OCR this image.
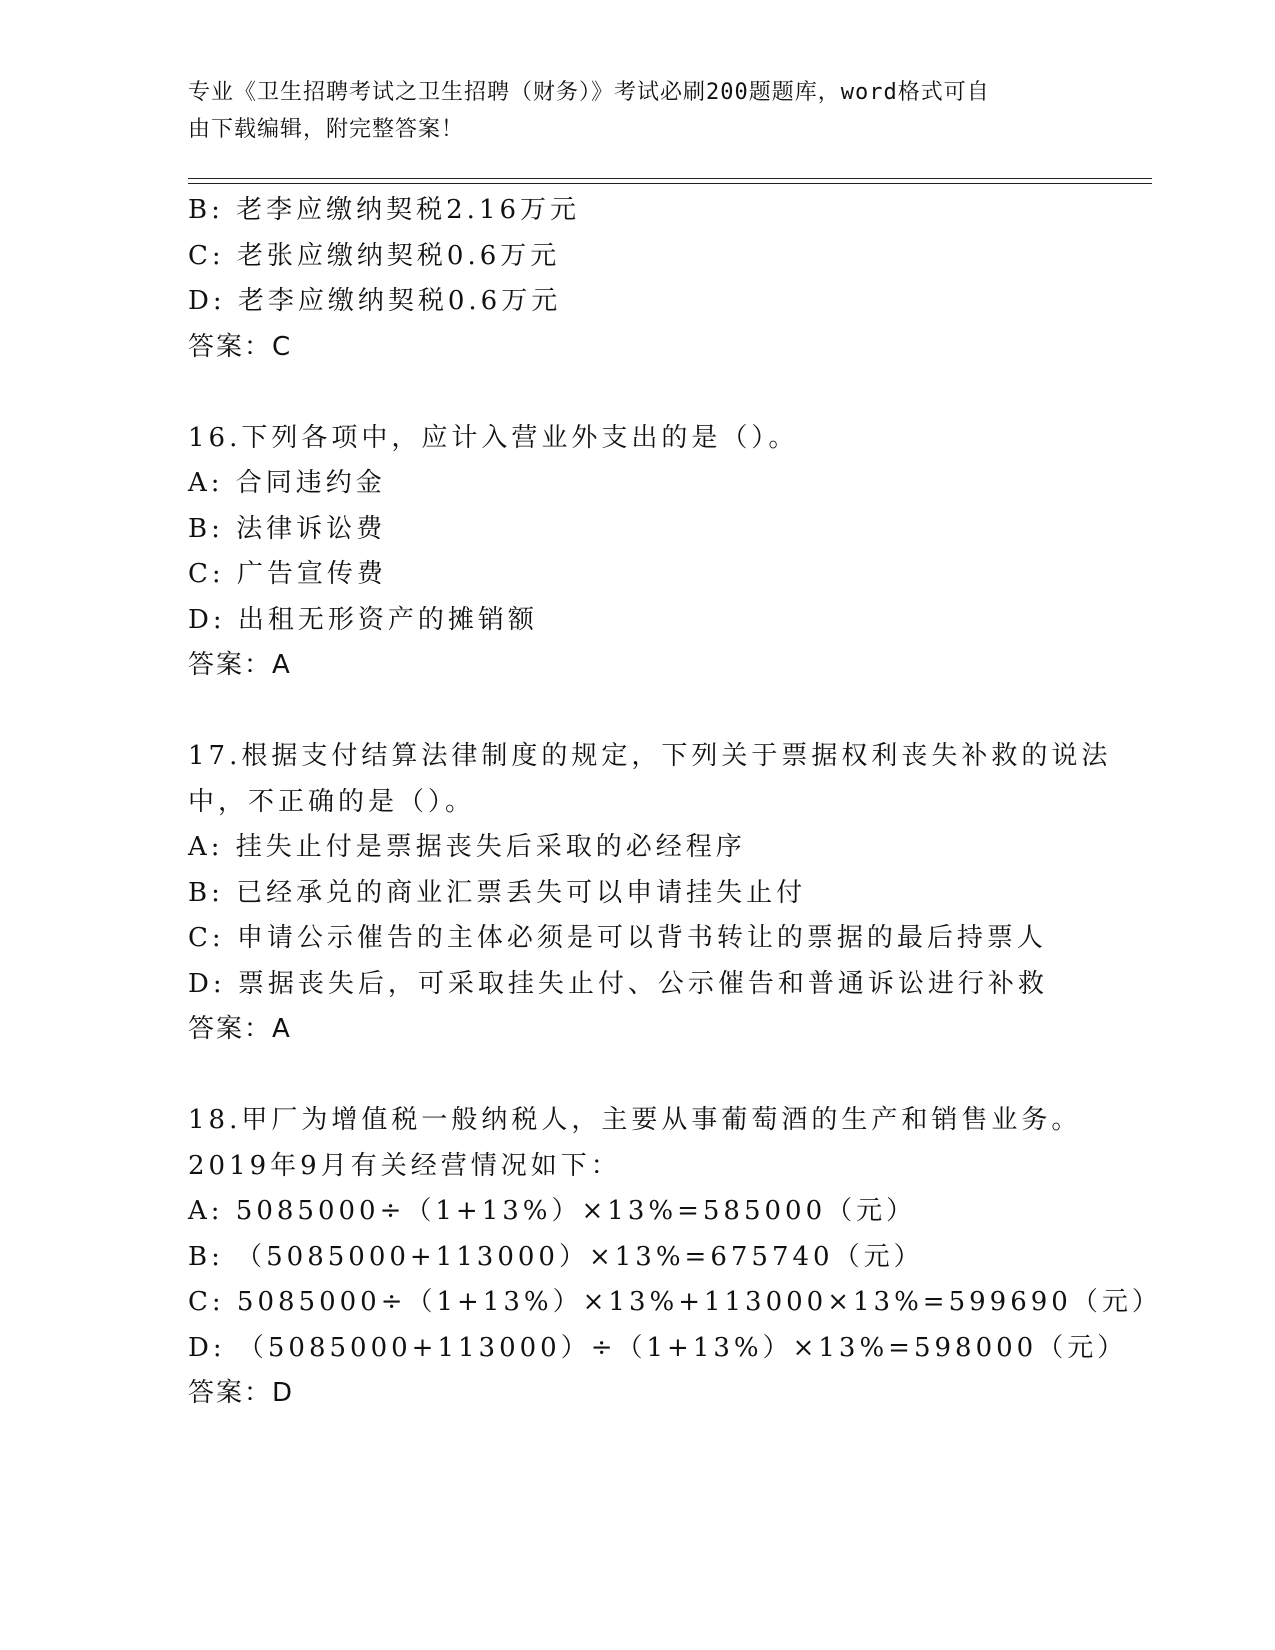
专业《卫生招聘考试之卫生招聘（财务）》考试必刷200题题库，word格式可自
由下载编辑，附完整答案！
B: 老李应缴纳契税2.16万元
C: 老张应缴纳契税0.6万元
D: 老李应缴纳契税0.6万元
答案：C
16.下列各项中，应计入营业外支出的是（）。
A: 合同违约金
B: 法律诉讼费
C: 广告宣传费
D: 出租无形资产的摊销额
答案：A
17.根据支付结算法律制度的规定，下列关于票据权利丧失补救的说法
中，不正确的是（）。
A: 挂失止付是票据丧失后采取的必经程序
B: 已经承兑的商业汇票丢失可以申请挂失止付
C: 申请公示催告的主体必须是可以背书转让的票据的最后持票人
D: 票据丧失后，可采取挂失止付、公示催告和普通诉讼进行补救
答案：A
18.甲厂为增值税一般纳税人，主要从事葡萄酒的生产和销售业务。
2019年9月有关经营情况如下：
A: 5085000÷（1+13%）×13%=585000（元）
B: （5085000+113000）×13%=675740（元）
C: 5085000÷（1+13%）×13%+113000×13%=599690（元）
D: （5085000+113000）÷（1+13%）×13%=598000（元）
答案：D
